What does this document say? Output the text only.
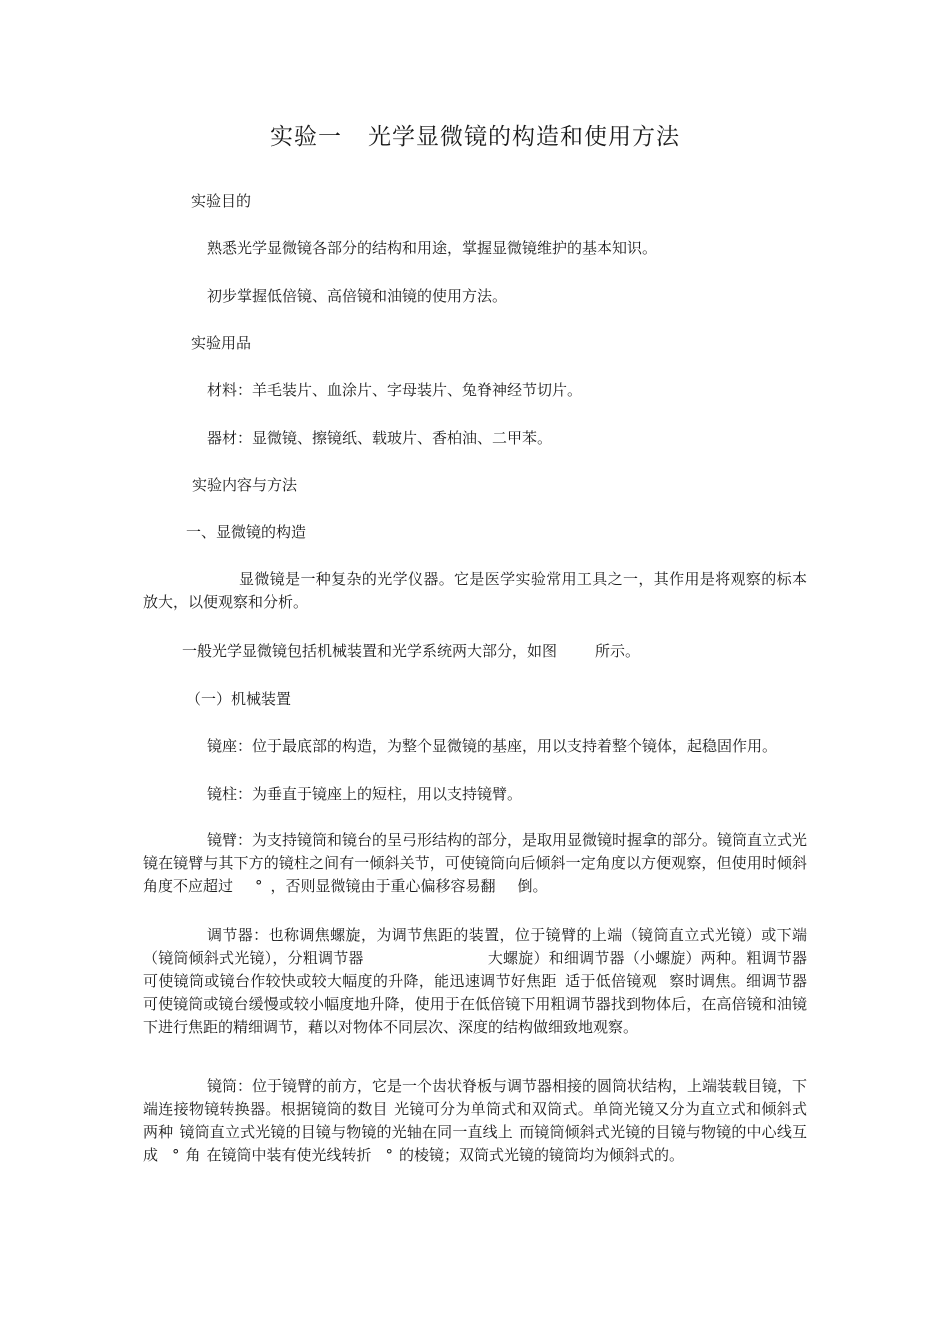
实验一 光学显微镜的构造和使用方法
实验目的
熟悉光学显微镜各部分的结构和用途，掌握显微镜维护的基本知识。
初步掌握低倍镜、高倍镜和油镜的使用方法。
实验用品
材料：羊毛装片、血涂片、字母装片、兔脊神经节切片。
器材：显微镜、擦镜纸、载玻片、香柏油、二甲苯。
实验内容与方法
一、显微镜的构造
显微镜是一种复杂的光学仪器。它是医学实验常用工具之一，其作用是将观察的标本放大，以便观察和分析。
一般光学显微镜包括机械装置和光学系统两大部分，如图	所示。
（一）机械装置
镜座：位于最底部的构造，为整个显微镜的基座，用以支持着整个镜体，起稳固作用。
镜柱：为垂直于镜座上的短柱，用以支持镜臂。
镜臂：为支持镜筒和镜台的呈弓形结构的部分，是取用显微镜时握拿的部分。镜筒直立式光镜在镜臂与其下方的镜柱之间有一倾斜关节，可使镜筒向后倾斜一定角度以方便观察，但使用时倾斜角度不应超过 ° ，否则显微镜由于重心偏移容易翻 倒。
调节器：也称调焦螺旋，为调节焦距的装置，位于镜臂的上端（镜筒直立式光镜）或下端（镜筒倾斜式光镜），分粗调节器	大螺旋）和细调节器（小螺旋）两种。粗调节器可使镜筒或镜台作较快或较大幅度的升降，能迅速调节好焦距 适于低倍镜观 察时调焦。细调节器可使镜筒或镜台缓慢或较小幅度地升降，使用于在低倍镜下用粗调节器找到物体后，在高倍镜和油镜下进行焦距的精细调节，藉以对物体不同层次、深度的结构做细致地观察。
镜筒：位于镜臂的前方，它是一个齿状脊板与调节器相接的圆筒状结构，上端装载目镜，下端连接物镜转换器。根据镜筒的数目 光镜可分为单筒式和双筒式。单筒光镜又分为直立式和倾斜式两种 镜筒直立式光镜的目镜与物镜的光轴在同一直线上 而镜筒倾斜式光镜的目镜与物镜的中心线互成 ° 角 在镜筒中装有使光线转折 ° 的棱镜；双筒式光镜的镜筒均为倾斜式的。
